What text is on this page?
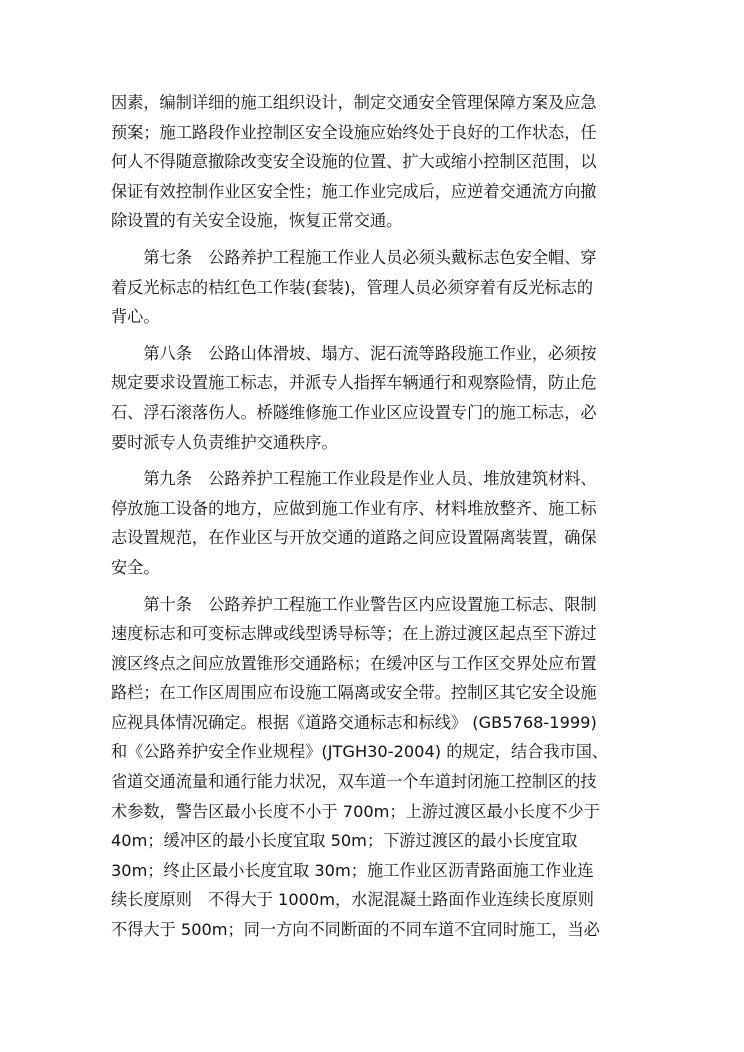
因素，编制详细的施工组织设计，制定交通安全管理保障方案及应急
预案；施工路段作业控制区安全设施应始终处于良好的工作状态，任
何人不得随意撤除改变安全设施的位置、扩大或缩小控制区范围，以
保证有效控制作业区安全性；施工作业完成后，应逆着交通流方向撤
除设置的有关安全设施，恢复正常交通。
　　第七条　公路养护工程施工作业人员必须头戴标志色安全帽、穿
着反光标志的桔红色工作装(套装)，管理人员必须穿着有反光标志的
背心。
　　第八条　公路山体滑坡、塌方、泥石流等路段施工作业，必须按
规定要求设置施工标志，并派专人指挥车辆通行和观察险情，防止危
石、浮石滚落伤人。桥隧维修施工作业区应设置专门的施工标志，必
要时派专人负责维护交通秩序。
　　第九条　公路养护工程施工作业段是作业人员、堆放建筑材料、
停放施工设备的地方，应做到施工作业有序、材料堆放整齐、施工标
志设置规范，在作业区与开放交通的道路之间应设置隔离装置，确保
安全。
　　第十条　公路养护工程施工作业警告区内应设置施工标志、限制
速度标志和可变标志牌或线型诱导标等；在上游过渡区起点至下游过
渡区终点之间应放置锥形交通路标；在缓冲区与工作区交界处应布置
路栏；在工作区周围应布设施工隔离或安全带。控制区其它安全设施
应视具体情况确定。根据《道路交通标志和标线》 (GB5768-1999)
和《公路养护安全作业规程》(JTGH30-2004) 的规定，结合我市国、
省道交通流量和通行能力状况，双车道一个车道封闭施工控制区的技
术参数，警告区最小长度不小于 700m；上游过渡区最小长度不少于
40m；缓冲区的最小长度宜取 50m；下游过渡区的最小长度宜取
30m；终止区最小长度宜取 30m；施工作业区沥青路面施工作业连
续长度原则　不得大于 1000m，水泥混凝土路面作业连续长度原则
不得大于 500m；同一方向不同断面的不同车道不宜同时施工，当必
